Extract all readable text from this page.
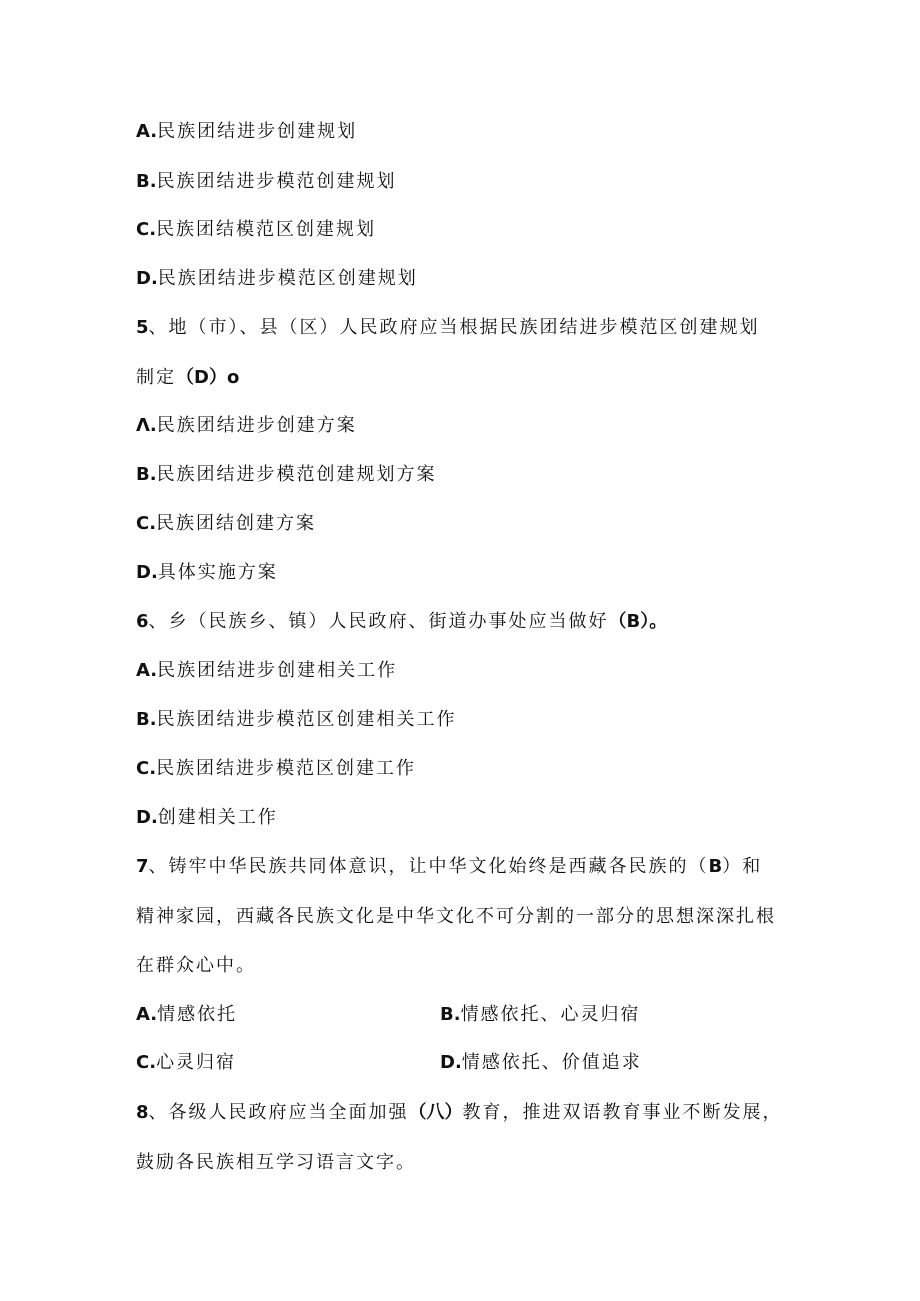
A.民族团结进步创建规划
B.民族团结进步模范创建规划
C.民族团结模范区创建规划
D.民族团结进步模范区创建规划
5、地（市）、县（区）人民政府应当根据民族团结进步模范区创建规划
制定（D）o
Λ.民族团结进步创建方案
B.民族团结进步模范创建规划方案
C.民族团结创建方案
D.具体实施方案
6、乡（民族乡、镇）人民政府、街道办事处应当做好（B）。
A.民族团结进步创建相关工作
B.民族团结进步模范区创建相关工作
C.民族团结进步模范区创建工作
D.创建相关工作
7、铸牢中华民族共同体意识，让中华文化始终是西藏各民族的（B）和
精神家园，西藏各民族文化是中华文化不可分割的一部分的思想深深扎根
在群众心中。
A.情感依托	B.情感依托、心灵归宿
C.心灵归宿	D.情感依托、价值追求
8、各级人民政府应当全面加强（八）教育，推进双语教育事业不断发展，
鼓励各民族相互学习语言文字。
